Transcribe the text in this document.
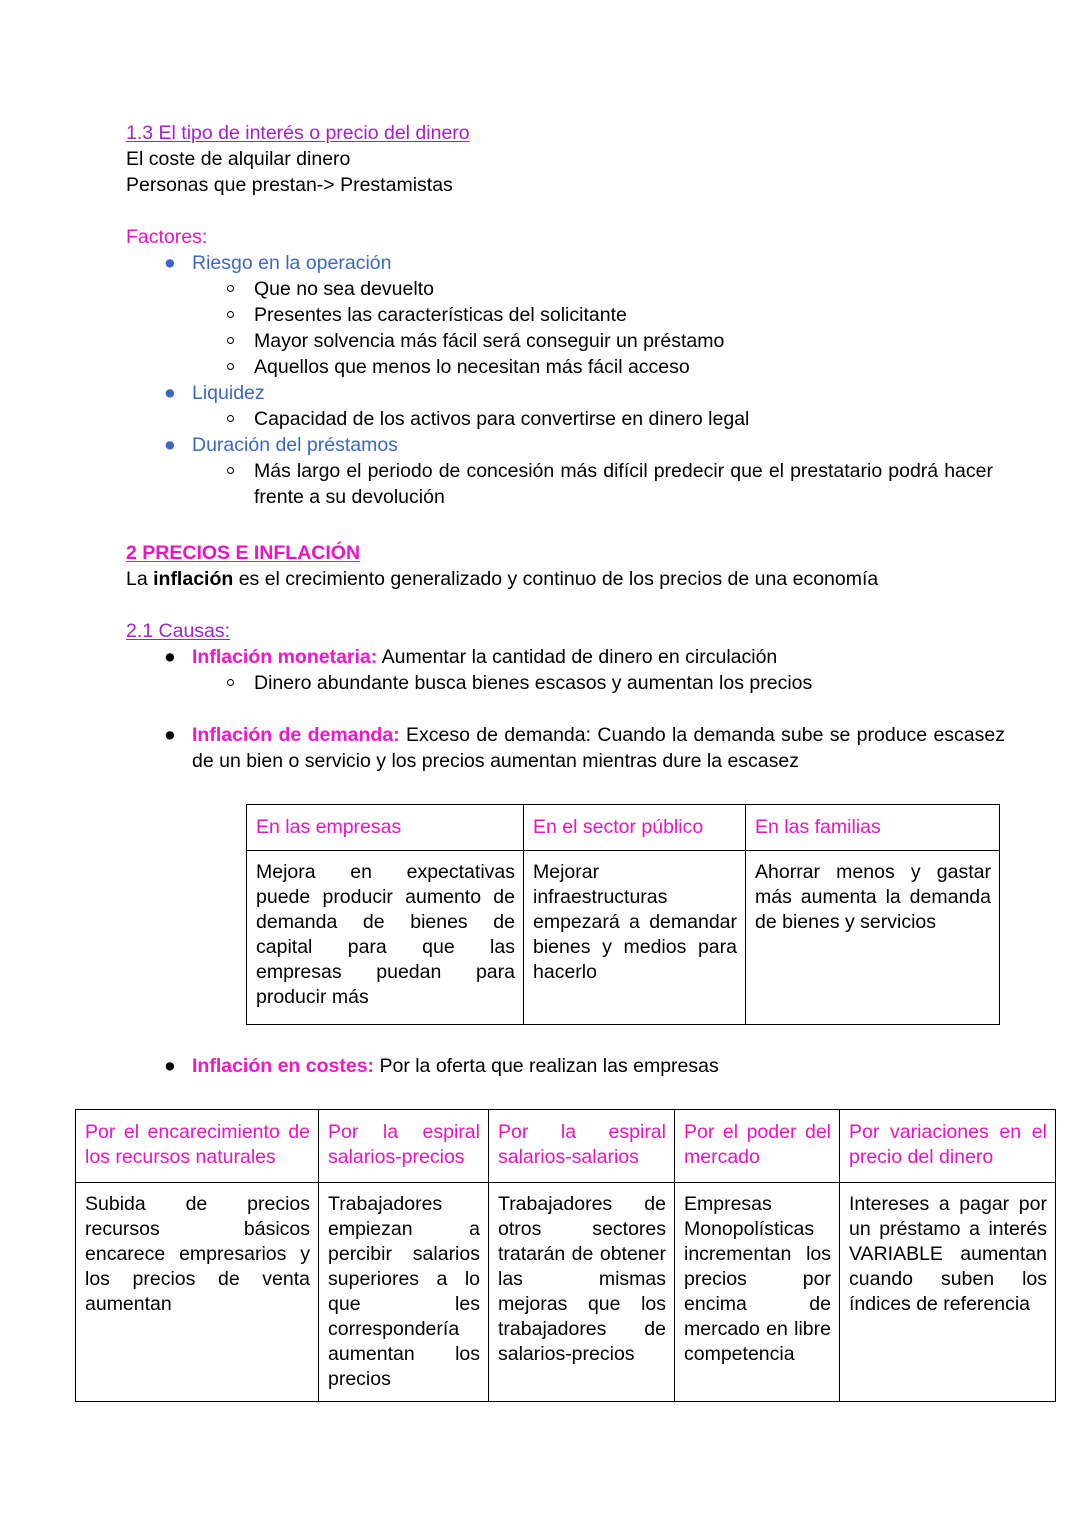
1.3 El tipo de interés o precio del dinero
El coste de alquilar dinero
Personas que prestan-> Prestamistas
Factores:
● Riesgo en la operación
Que no sea devuelto
Presentes las características del solicitante
Mayor solvencia más fácil será conseguir un préstamo
Aquellos que menos lo necesitan más fácil acceso
● Liquidez
Capacidad de los activos para convertirse en dinero legal
● Duración del préstamos
Más largo el periodo de concesión más difícil predecir que el prestatario podrá hacer frente a su devolución
2 PRECIOS E INFLACIÓN
La inflación es el crecimiento generalizado y continuo de los precios de una economía
2.1 Causas:
● Inflación monetaria: Aumentar la cantidad de dinero en circulación
Dinero abundante busca bienes escasos y aumentan los precios
● Inflación de demanda: Exceso de demanda: Cuando la demanda sube se produce escasez de un bien o servicio y los precios aumentan mientras dure la escasez
En las empresas	En el sector público	En las familias
Mejora en expectativas puede producir aumento de demanda de bienes de capital para que las empresas puedan para producir más	Mejorar infraestructuras empezará a demandar bienes y medios para hacerlo	Ahorrar menos y gastar más aumenta la demanda de bienes y servicios
● Inflación en costes: Por la oferta que realizan las empresas
Por el encarecimiento de los recursos naturales	Por la espiral salarios-precios	Por la espiral salarios-salarios	Por el poder del mercado	Por variaciones en el precio del dinero
Subida de precios recursos básicos encarece empresarios y los precios de venta aumentan	Trabajadores empiezan a percibir salarios superiores a lo que les correspondería aumentan los precios	Trabajadores de otros sectores tratarán de obtener las mismas mejoras que los trabajadores de salarios-precios	Empresas Monopolísticas incrementan los precios por encima de mercado en libre competencia	Intereses a pagar por un préstamo a interés VARIABLE aumentan cuando suben los índices de referencia
